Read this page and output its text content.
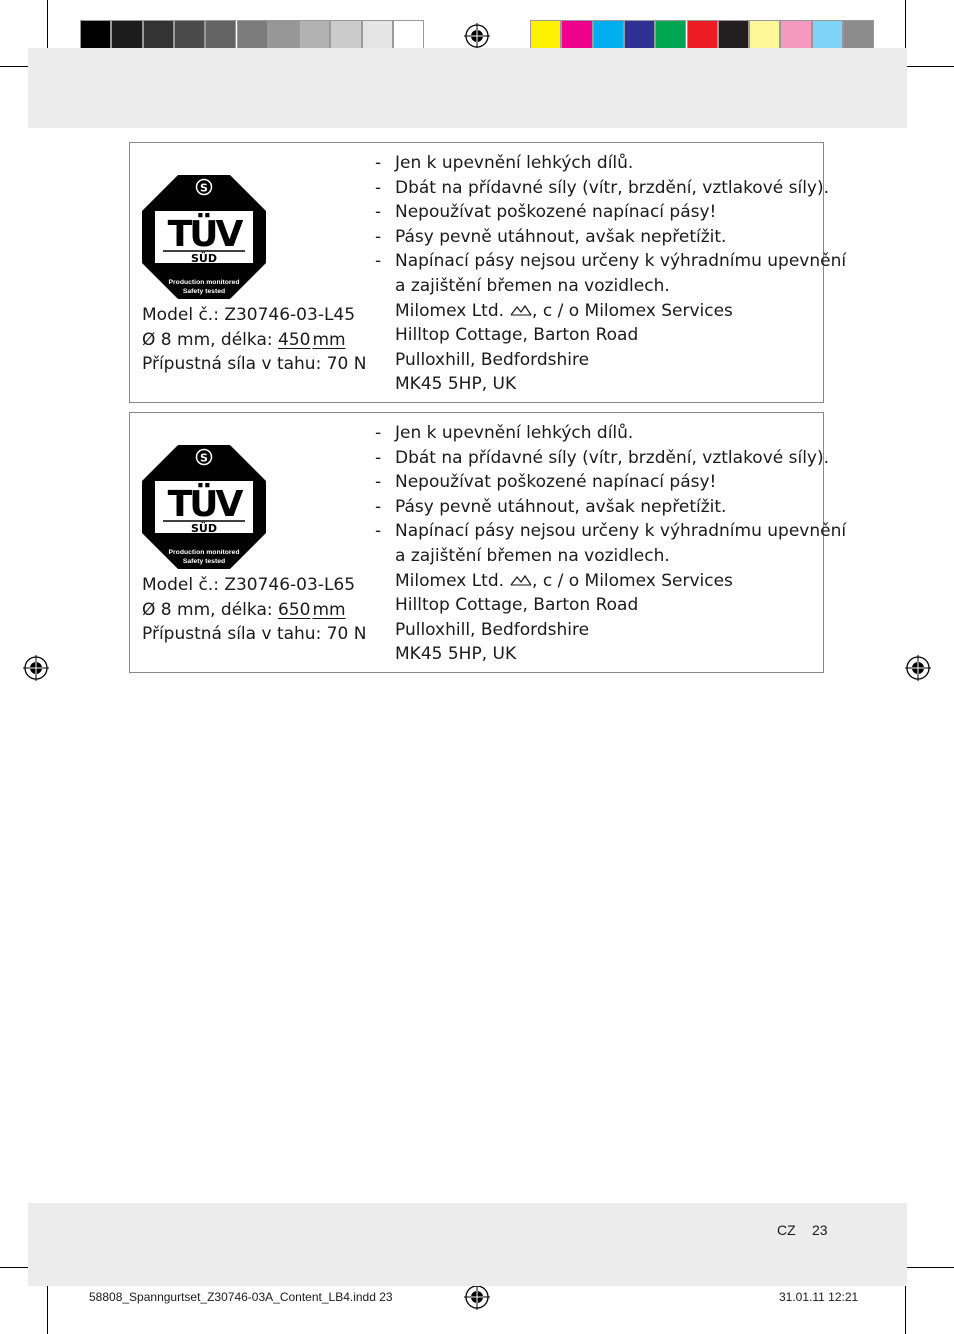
S
TÜV
SÜD
Production monitored
Safety tested
Model č.: Z30746-03-L45
Ø 8 mm, délka: 450 mm
Přípustná síla v tahu: 70 N
- Jen k upevnění lehkých dílů.
- Dbát na přídavné síly (vítr, brzdění, vztlakové síly).
- Nepoužívat poškozené napínací pásy!
- Pásy pevně utáhnout, avšak nepřetížit.
- Napínací pásy nejsou určeny k výhradnímu upevnění
a zajištění břemen na vozidlech.
Milomex Ltd. , c / o Milomex Services
Hilltop Cottage, Barton Road
Pulloxhill, Bedfordshire
MK45 5HP, UK
S
TÜV
SÜD
Production monitored
Safety tested
Model č.: Z30746-03-L65
Ø 8 mm, délka: 650 mm
Přípustná síla v tahu: 70 N
- Jen k upevnění lehkých dílů.
- Dbát na přídavné síly (vítr, brzdění, vztlakové síly).
- Nepoužívat poškozené napínací pásy!
- Pásy pevně utáhnout, avšak nepřetížit.
- Napínací pásy nejsou určeny k výhradnímu upevnění
a zajištění břemen na vozidlech.
Milomex Ltd. , c / o Milomex Services
Hilltop Cottage, Barton Road
Pulloxhill, Bedfordshire
MK45 5HP, UK
CZ 23
58808_Spanngurtset_Z30746-03A_Content_LB4.indd 23	31.01.11 12:21
